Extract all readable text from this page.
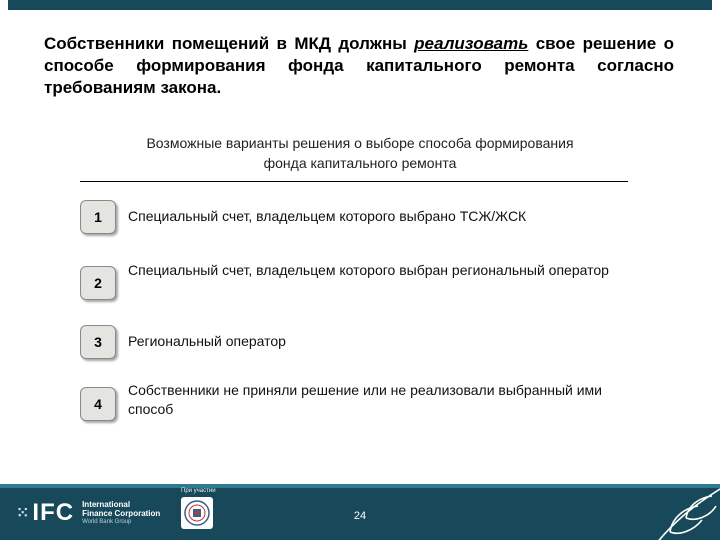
Собственники помещений в МКД должны реализовать свое решение о способе формирования фонда капитального ремонта согласно требованиям закона.
Возможные варианты решения о выборе способа формирования
фонда капитального ремонта
1	Специальный счет, владельцем которого выбрано ТСЖ/ЖСК
2
Специальный счет, владельцем которого выбран региональный оператор
3	Региональный оператор
4
Собственники не приняли решение или не реализовали выбранный ими способ
⁙ IFC International
Finance Corporation
World Bank Group
При участии
24
